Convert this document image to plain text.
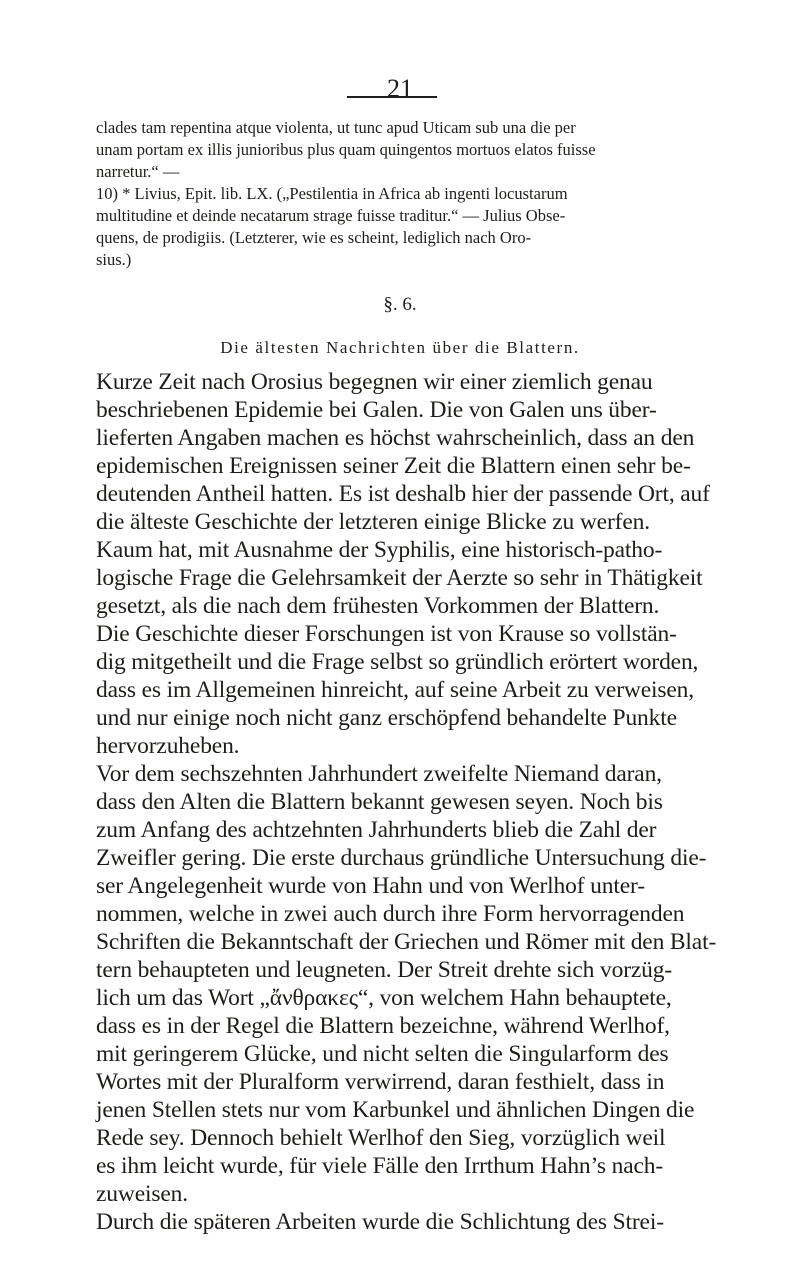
21
clades tam repentina atque violenta, ut tunc apud Uticam sub una die per
unam portam ex illis junioribus plus quam quingentos mortuos elatos fuisse
narretur.“ —
10) * Livius, Epit. lib. LX. („Pestilentia in Africa ab ingenti locustarum
multitudine et deinde necatarum strage fuisse traditur.“ — Julius Obse-
quens, de prodigiis. (Letzterer, wie es scheint, lediglich nach Oro-
sius.)
§. 6.
Die ältesten Nachrichten über die Blattern.
Kurze Zeit nach Orosius begegnen wir einer ziemlich genau
beschriebenen Epidemie bei Galen. Die von Galen uns über-
lieferten Angaben machen es höchst wahrscheinlich, dass an den
epidemischen Ereignissen seiner Zeit die Blattern einen sehr be-
deutenden Antheil hatten. Es ist deshalb hier der passende Ort, auf
die älteste Geschichte der letzteren einige Blicke zu werfen.
Kaum hat, mit Ausnahme der Syphilis, eine historisch-patho-
logische Frage die Gelehrsamkeit der Aerzte so sehr in Thätigkeit
gesetzt, als die nach dem frühesten Vorkommen der Blattern.
Die Geschichte dieser Forschungen ist von Krause so vollstän-
dig mitgetheilt und die Frage selbst so gründlich erörtert worden,
dass es im Allgemeinen hinreicht, auf seine Arbeit zu verweisen,
und nur einige noch nicht ganz erschöpfend behandelte Punkte
hervorzuheben.
Vor dem sechszehnten Jahrhundert zweifelte Niemand daran,
dass den Alten die Blattern bekannt gewesen seyen. Noch bis
zum Anfang des achtzehnten Jahrhunderts blieb die Zahl der
Zweifler gering. Die erste durchaus gründliche Untersuchung die-
ser Angelegenheit wurde von Hahn und von Werlhof unter-
nommen, welche in zwei auch durch ihre Form hervorragenden
Schriften die Bekanntschaft der Griechen und Römer mit den Blat-
tern behaupteten und leugneten. Der Streit drehte sich vorzüg-
lich um das Wort „ἄνθρακες“, von welchem Hahn behauptete,
dass es in der Regel die Blattern bezeichne, während Werlhof,
mit geringerem Glücke, und nicht selten die Singularform des
Wortes mit der Pluralform verwirrend, daran festhielt, dass in
jenen Stellen stets nur vom Karbunkel und ähnlichen Dingen die
Rede sey. Dennoch behielt Werlhof den Sieg, vorzüglich weil
es ihm leicht wurde, für viele Fälle den Irrthum Hahn’s nach-
zuweisen.
Durch die späteren Arbeiten wurde die Schlichtung des Strei-
